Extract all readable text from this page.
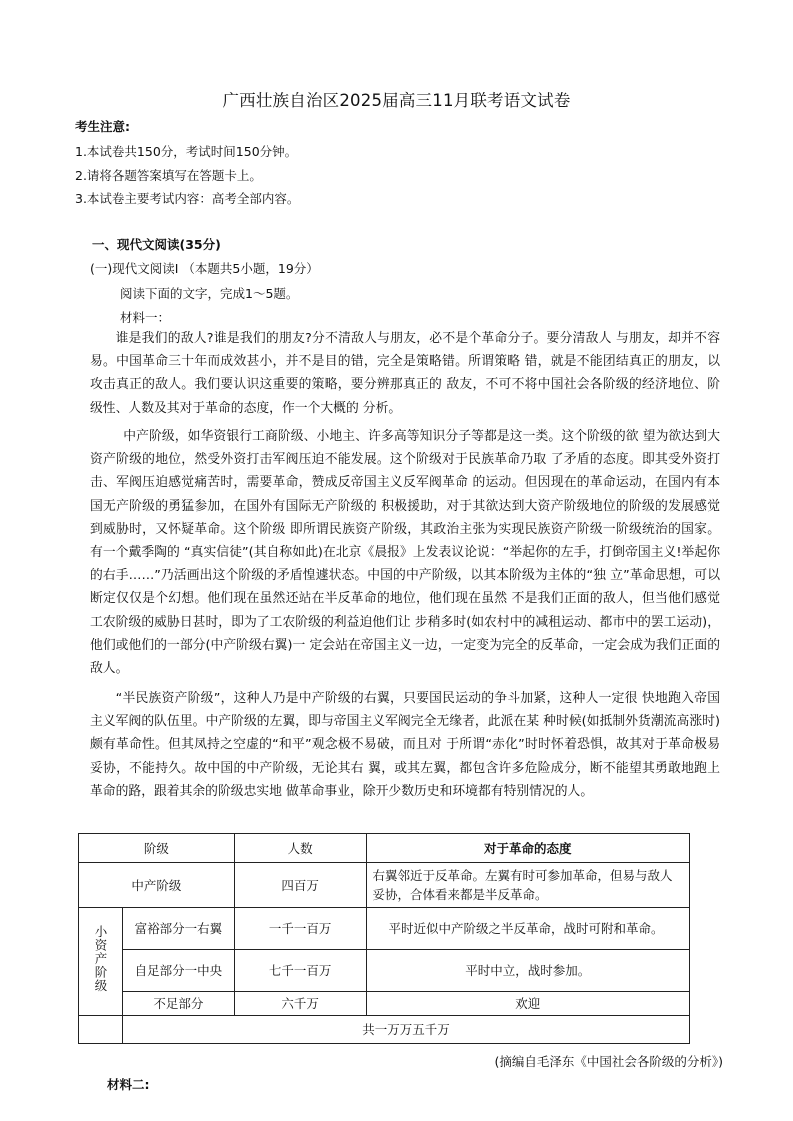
广西壮族自治区2025届高三11月联考语文试卷
考生注意:
1.本试卷共150分，考试时间150分钟。
2.请将各题答案填写在答题卡上。
3.本试卷主要考试内容：高考全部内容。
一、现代文阅读(35分)
(一)现代文阅读I （本题共5小题，19分）
阅读下面的文字，完成1～5题。
材料一：

谁是我们的敌人?谁是我们的朋友?分不清敌人与朋友，必不是个革命分子。要分清敌人 与朋友，却并不容易。中国革命三十年而成效甚小，并不是目的错，完全是策略错。所谓策略 错，就是不能团结真正的朋友，以攻击真正的敌人。我们要认识这重要的策略，要分辨那真正的 敌友，不可不将中国社会各阶级的经济地位、阶级性、人数及其对于革命的态度，作一个大概的 分析。

中产阶级，如华资银行工商阶级、小地主、许多高等知识分子等都是这一类。这个阶级的欲 望为欲达到大资产阶级的地位，然受外资打击军阀压迫不能发展。这个阶级对于民族革命乃取 了矛盾的态度。即其受外资打击、军阀压迫感觉痛苦时，需要革命，赞成反帝国主义反军阀革命 的运动。但因现在的革命运动，在国内有本国无产阶级的勇猛参加，在国外有国际无产阶级的 积极援助，对于其欲达到大资产阶级地位的阶级的发展感觉到威胁时，又怀疑革命。这个阶级 即所谓民族资产阶级，其政治主张为实现民族资产阶级一阶级统治的国家。有一个戴季陶的 “真实信徒”(其自称如此)在北京《晨报》上发表议论说：“举起你的左手，打倒帝国主义!举起你 的右手……”乃活画出这个阶级的矛盾惶遽状态。中国的中产阶级，以其本阶级为主体的“独 立”革命思想，可以断定仅仅是个幻想。他们现在虽然还站在半反革命的地位，他们现在虽然 不是我们正面的敌人，但当他们感觉工农阶级的威胁日甚时，即为了工农阶级的利益迫他们让 步稍多时(如农村中的减租运动、都市中的罢工运动)，他们或他们的一部分(中产阶级右翼)一 定会站在帝国主义一边，一定变为完全的反革命，一定会成为我们正面的敌人。

“半民族资产阶级”，这种人乃是中产阶级的右翼，只要国民运动的争斗加紧，这种人一定很 快地跑入帝国主义军阀的队伍里。中产阶级的左翼，即与帝国主义军阀完全无缘者，此派在某 种时候(如抵制外货潮流高涨时)颇有革命性。但其凤持之空虚的“和平”观念极不易破，而且对 于所谓“赤化”时时怀着恐惧，故其对于革命极易妥协，不能持久。故中国的中产阶级，无论其右 翼，或其左翼，都包含许多危险成分，断不能望其勇敢地跑上革命的路，跟着其余的阶级忠实地 做革命事业，除开少数历史和环境都有特别情况的人。

阶级		人数	对于革命的态度
中产阶级		四百万	右翼邻近于反革命。左翼有时可参加革命，但易与敌人 妥协，合体看来都是半反革命。
小资产阶级	富裕部分一右翼	一千一百万	平时近似中产阶级之半反革命，战时可附和革命。
	自足部分一中央	七千一百万	平时中立，战时参加。
	不足部分	六千万	欢迎
	共一万万五千万		
(摘编自毛泽东《中国社会各阶级的分析》)
材料二:
